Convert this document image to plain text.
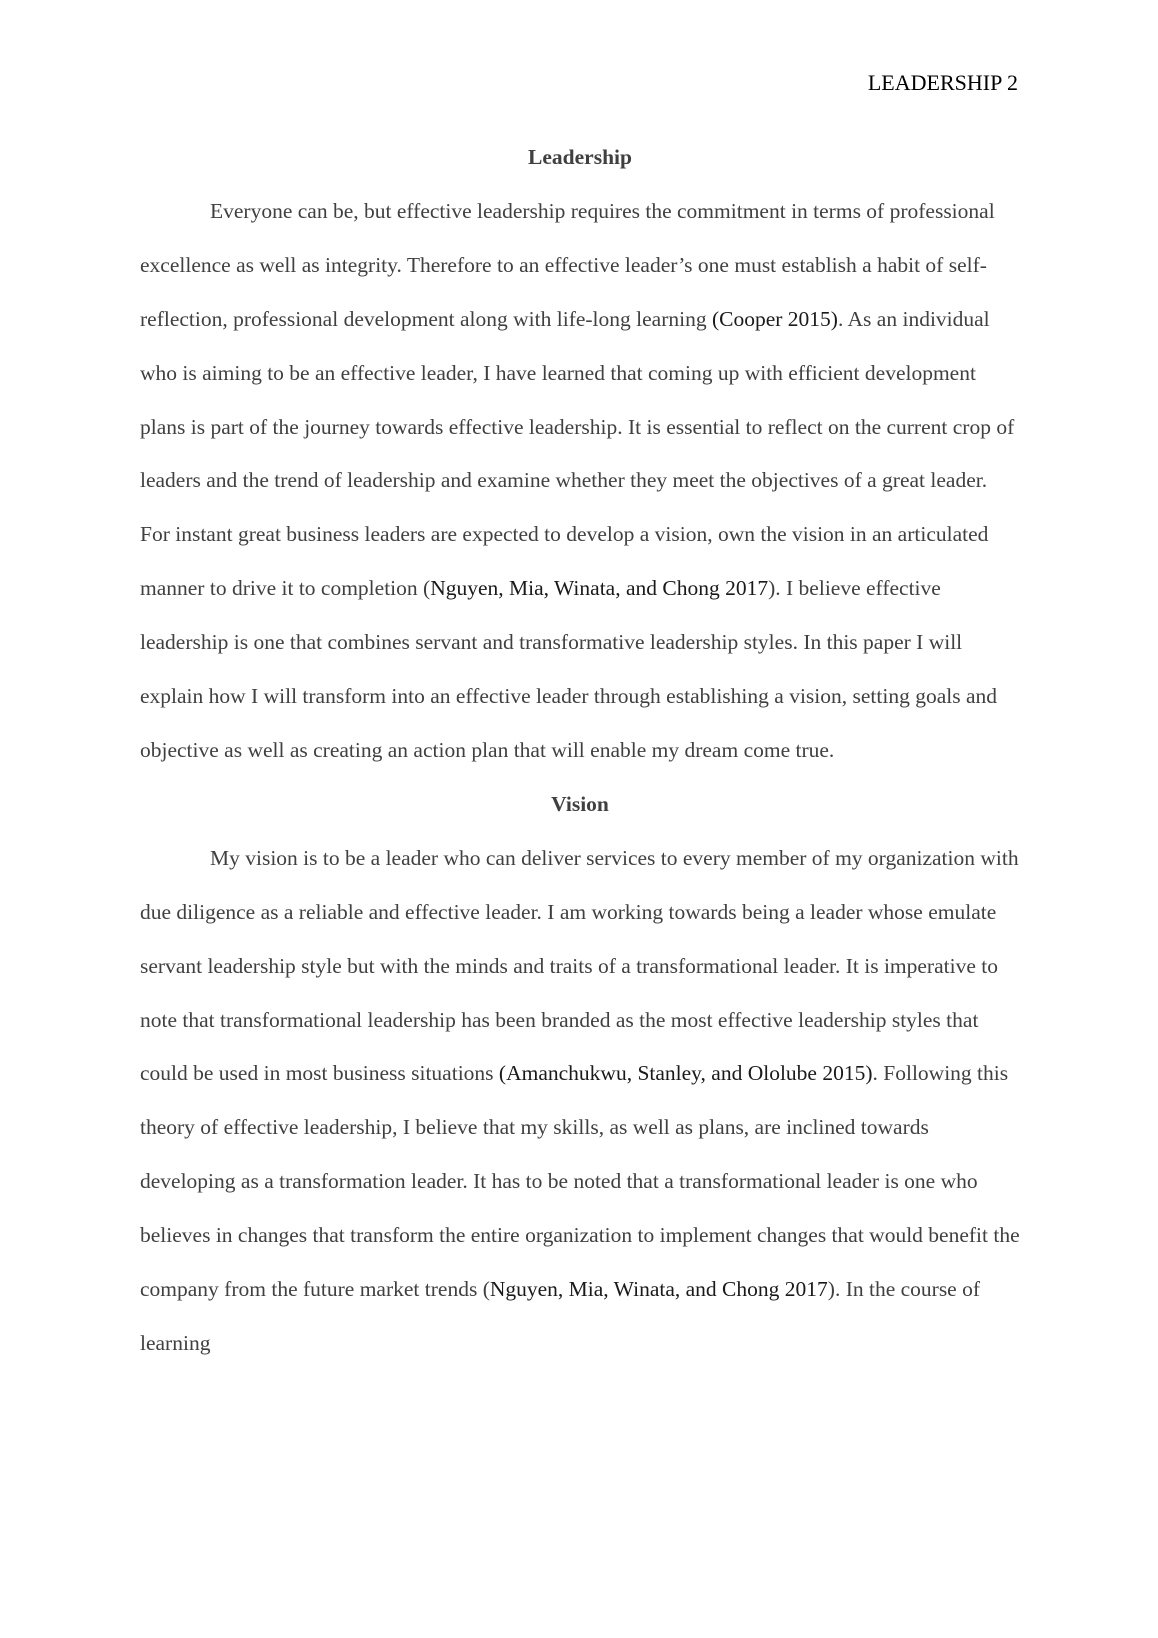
LEADERSHIP 2
Leadership

Everyone can be, but effective leadership requires the commitment in terms of professional excellence as well as integrity. Therefore to an effective leader’s one must establish a habit of self-reflection, professional development along with life-long learning (Cooper 2015). As an individual who is aiming to be an effective leader, I have learned that coming up with efficient development plans is part of the journey towards effective leadership. It is essential to reflect on the current crop of leaders and the trend of leadership and examine whether they meet the objectives of a great leader. For instant great business leaders are expected to develop a vision, own the vision in an articulated manner to drive it to completion (Nguyen, Mia, Winata, and Chong 2017). I believe effective leadership is one that combines servant and transformative leadership styles. In this paper I will explain how I will transform into an effective leader through establishing a vision, setting goals and objective as well as creating an action plan that will enable my dream come true.

Vision

My vision is to be a leader who can deliver services to every member of my organization with due diligence as a reliable and effective leader. I am working towards being a leader whose emulate servant leadership style but with the minds and traits of a transformational leader. It is imperative to note that transformational leadership has been branded as the most effective leadership styles that could be used in most business situations (Amanchukwu, Stanley, and Ololube 2015). Following this theory of effective leadership, I believe that my skills, as well as plans, are inclined towards developing as a transformation leader. It has to be noted that a transformational leader is one who believes in changes that transform the entire organization to implement changes that would benefit the company from the future market trends (Nguyen, Mia, Winata, and Chong 2017). In the course of learning
